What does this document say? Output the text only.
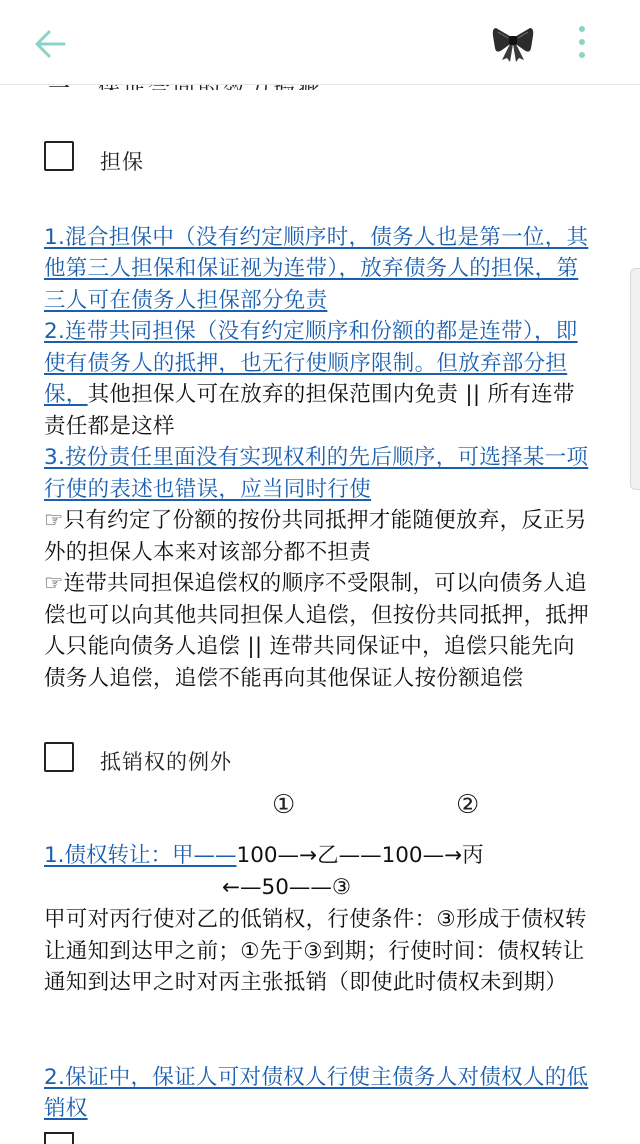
担保

1.混合担保中（没有约定顺序时，债务人也是第一位，其他第三人担保和保证视为连带），放弃债务人的担保，第三人可在债务人担保部分免责
2.连带共同担保（没有约定顺序和份额的都是连带），即使有债务人的抵押，也无行使顺序限制。但放弃部分担保，其他担保人可在放弃的担保范围内免责 || 所有连带责任都是这样
3.按份责任里面没有实现权利的先后顺序，可选择某一项行使的表述也错误，应当同时行使
☞只有约定了份额的按份共同抵押才能随便放弃，反正另外的担保人本来对该部分都不担责
☞连带共同担保追偿权的顺序不受限制，可以向债务人追偿也可以向其他共同担保人追偿，但按份共同抵押，抵押人只能向债务人追偿 || 连带共同保证中，追偿只能先向债务人追偿，追偿不能再向其他保证人按份额追偿

抵销权的例外
①	②
1.债权转让：甲——100—→乙——100—→丙
←—50——③
甲可对丙行使对乙的低销权，行使条件：③形成于债权转让通知到达甲之前；①先于③到期；行使时间：债权转让通知到达甲之时对丙主张抵销（即使此时债权未到期）

2.保证中，保证人可对债权人行使主债务人对债权人的低销权
